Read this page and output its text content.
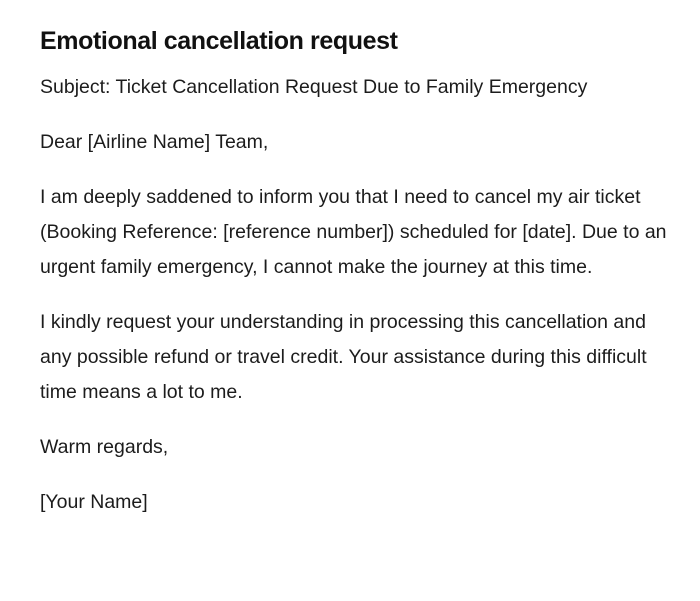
Emotional cancellation request

Subject: Ticket Cancellation Request Due to Family Emergency

Dear [Airline Name] Team,

I am deeply saddened to inform you that I need to cancel my air ticket (Booking Reference: [reference number]) scheduled for [date]. Due to an urgent family emergency, I cannot make the journey at this time.

I kindly request your understanding in processing this cancellation and any possible refund or travel credit. Your assistance during this difficult time means a lot to me.

Warm regards,

[Your Name]
